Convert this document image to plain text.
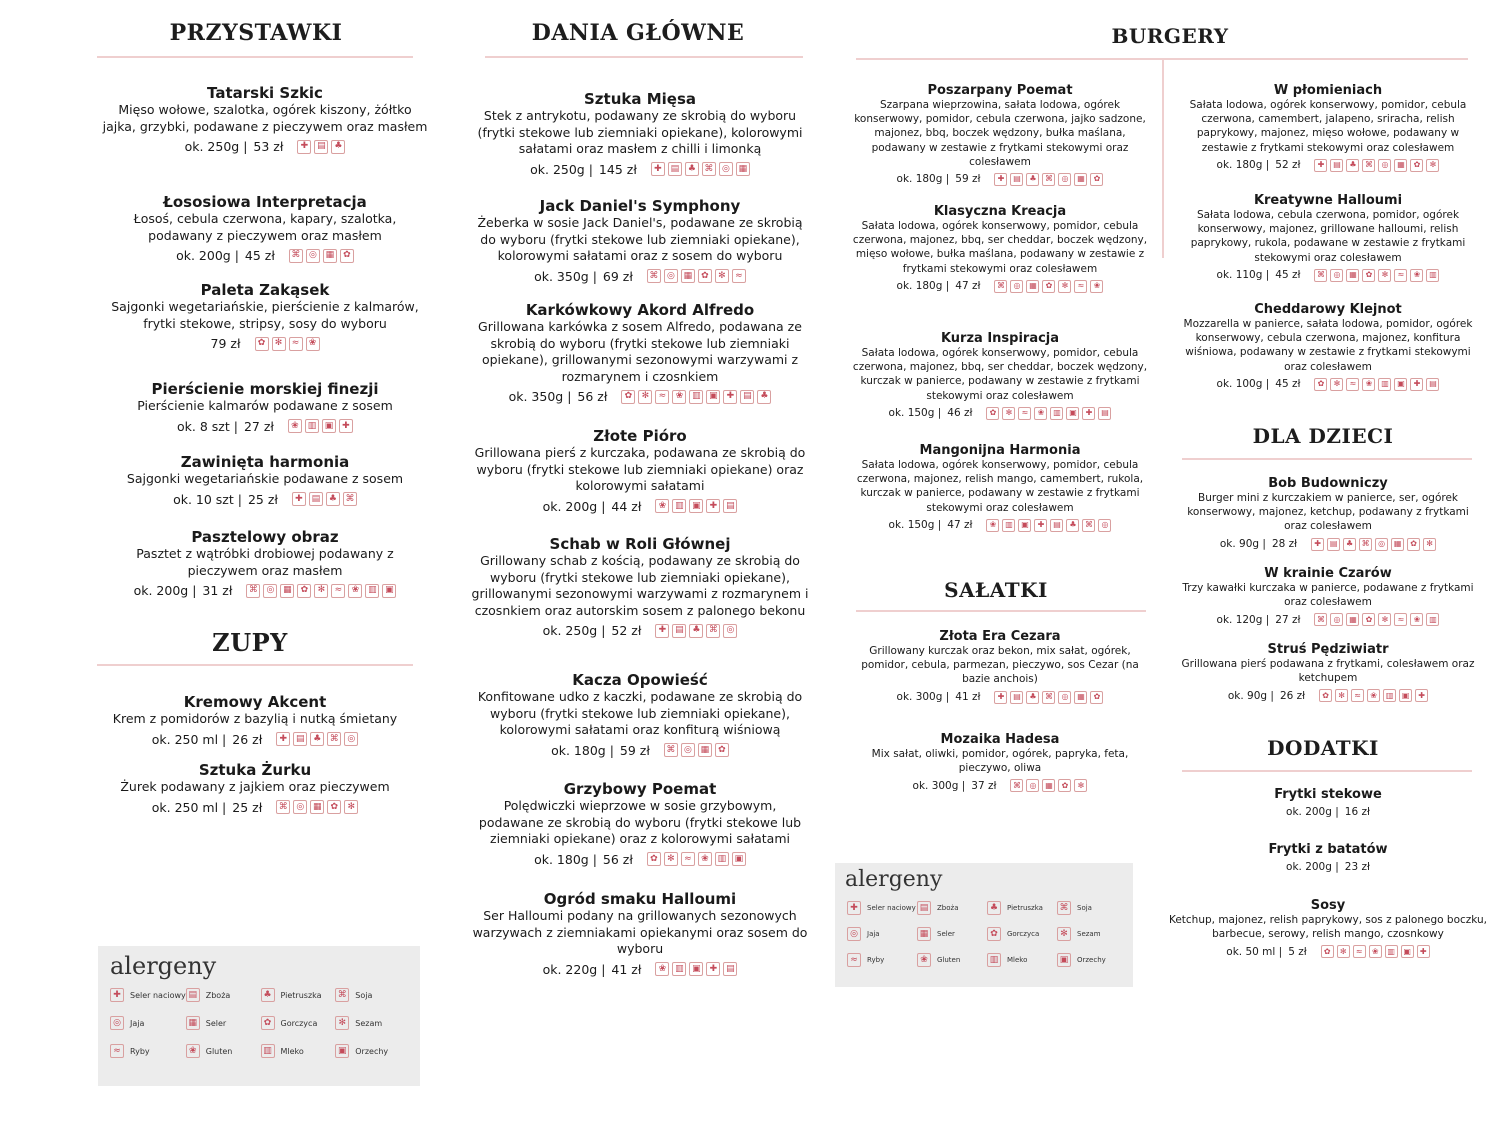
PRZYSTAWKI
Tatarski Szkic
Mięso wołowe, szalotka, ogórek kiszony, żółtko jajka, grzybki, podawane z pieczywem oraz masłem
ok. 250g | 53 zł	✚ ▤ ♣
Łososiowa Interpretacja
Łosoś, cebula czerwona, kapary, szalotka, podawany z pieczywem oraz masłem
ok. 200g | 45 zł ⌘ ◎ ▦ ✿
Paleta Zakąsek
Sajgonki wegetariańskie, pierścienie z kalmarów, frytki stekowe, stripsy, sosy do wyboru
79 zł	✿	✻	≈	❀
Pierścienie morskiej finezji
Pierścienie kalmarów podawane z sosem
ok. 8 szt | 27 zł	❀ ▥ ▣ ✚
Zawinięta harmonia
Sajgonki wegetariańskie podawane z sosem
ok. 10 szt | 25 zł	✚ ▤ ♣ ⌘
Pasztelowy obraz
Pasztet z wątróbki drobiowej podawany z pieczywem oraz masłem
ok. 200g | 31 zł ⌘ ◎ ▦ ✿	✻	≈	❀ ▥ ▣
ZUPY
Kremowy Akcent
Krem z pomidorów z bazylią i nutką śmietany
ok. 250 ml | 26 zł	✚ ▤ ♣ ⌘ ◎
Sztuka Żurku
Żurek podawany z jajkiem oraz pieczywem
ok. 250 ml | 25 zł ⌘ ◎ ▦ ✿	✻
alergeny
✚	Seler naciowy ▤	Zboża	♣	Pietruszka ⌘	Soja
◎	Jaja	▦	Seler	✿	Gorczyca	✻	Sezam
≈	Ryby	❀	Gluten	▥	Mleko	▣	Orzechy
DANIA GŁÓWNE
Sztuka Mięsa
Stek z antrykotu, podawany ze skrobią do wyboru (frytki stekowe lub ziemniaki opiekane), kolorowymi sałatami oraz masłem z chilli i limonką
ok. 250g | 145 zł	✚ ▤ ♣ ⌘ ◎ ▦
Jack Daniel's Symphony
Żeberka w sosie Jack Daniel's, podawane ze skrobią do wyboru (frytki stekowe lub ziemniaki opiekane), kolorowymi sałatami oraz z sosem do wyboru
ok. 350g | 69 zł ⌘ ◎ ▦ ✿	✻	≈
Karkówkowy Akord Alfredo
Grillowana karkówka z sosem Alfredo, podawana ze skrobią do wyboru (frytki stekowe lub ziemniaki opiekane), grillowanymi sezonowymi warzywami z rozmarynem i czosnkiem
ok. 350g | 56 zł	✿	✻	≈	❀ ▥ ▣ ✚ ▤ ♣
Złote Pióro
Grillowana pierś z kurczaka, podawana ze skrobią do wyboru (frytki stekowe lub ziemniaki opiekane) oraz kolorowymi sałatami
ok. 200g | 44 zł	❀ ▥ ▣ ✚ ▤
Schab w Roli Głównej
Grillowany schab z kością, podawany ze skrobią do wyboru (frytki stekowe lub ziemniaki opiekane), grillowanymi sezonowymi warzywami z rozmarynem i czosnkiem oraz autorskim sosem z palonego bekonu
ok. 250g | 52 zł	✚ ▤ ♣ ⌘ ◎
Kacza Opowieść
Konfitowane udko z kaczki, podawane ze skrobią do wyboru (frytki stekowe lub ziemniaki opiekane), kolorowymi sałatami oraz konfiturą wiśniową
ok. 180g | 59 zł ⌘ ◎ ▦ ✿
Grzybowy Poemat
Polędwiczki wieprzowe w sosie grzybowym, podawane ze skrobią do wyboru (frytki stekowe lub ziemniaki opiekane) oraz z kolorowymi sałatami
ok. 180g | 56 zł	✿	✻	≈	❀ ▥ ▣
Ogród smaku Halloumi
Ser Halloumi podany na grillowanych sezonowych warzywach z ziemniakami opiekanymi oraz sosem do wyboru
ok. 220g | 41 zł	❀ ▥ ▣ ✚ ▤
BURGERY
Poszarpany Poemat
Szarpana wieprzowina, sałata lodowa, ogórek konserwowy, pomidor, cebula czerwona, jajko sadzone, majonez, bbq, boczek wędzony, bułka maślana, podawany w zestawie z frytkami stekowymi oraz colesławem
ok. 180g | 59 zł	✚	▤	♣	⌘	◎	▦	✿
Klasyczna Kreacja
Sałata lodowa, ogórek konserwowy, pomidor, cebula czerwona, majonez, bbq, ser cheddar, boczek wędzony, mięso wołowe, bułka maślana, podawany w zestawie z frytkami stekowymi oraz colesławem
ok. 180g | 47 zł	⌘	◎	▦	✿	✻	≈	❀
Kurza Inspiracja
Sałata lodowa, ogórek konserwowy, pomidor, cebula czerwona, majonez, bbq, ser cheddar, boczek wędzony, kurczak w panierce, podawany w zestawie z frytkami stekowymi oraz colesławem
ok. 150g | 46 zł	✿	✻	≈	❀	▥	▣	✚	▤
Mangonijna Harmonia
Sałata lodowa, ogórek konserwowy, pomidor, cebula czerwona, majonez, relish mango, camembert, rukola, kurczak w panierce, podawany w zestawie z frytkami stekowymi oraz colesławem
ok. 150g | 47 zł	❀	▥	▣	✚	▤	♣	⌘	◎
SAŁATKI
Złota Era Cezara
Grillowany kurczak oraz bekon, mix sałat, ogórek, pomidor, cebula, parmezan, pieczywo, sos Cezar (na bazie anchois)
ok. 300g | 41 zł	✚	▤	♣	⌘	◎	▦	✿
Mozaika Hadesa
Mix sałat, oliwki, pomidor, ogórek, papryka, feta, pieczywo, oliwa
ok. 300g | 37 zł	⌘	◎	▦	✿	✻
alergeny
✚	Seler naciowy ▤	Zboża	♣	Pietruszka ⌘	Soja
◎	Jaja	▦	Seler	✿	Gorczyca	✻	Sezam
≈	Ryby	❀	Gluten	▥	Mleko	▣	Orzechy
W płomieniach
Sałata lodowa, ogórek konserwowy, pomidor, cebula czerwona, camembert, jalapeno, sriracha, relish paprykowy, majonez, mięso wołowe, podawany w zestawie z frytkami stekowymi oraz colesławem
ok. 180g | 52 zł	✚	▤	♣	⌘	◎	▦	✿	✻
Kreatywne Halloumi
Sałata lodowa, cebula czerwona, pomidor, ogórek konserwowy, majonez, grillowane halloumi, relish paprykowy, rukola, podawane w zestawie z frytkami stekowymi oraz colesławem
ok. 110g | 45 zł	⌘	◎	▦	✿	✻	≈	❀	▥
Cheddarowy Klejnot
Mozzarella w panierce, sałata lodowa, pomidor, ogórek konserwowy, cebula czerwona, majonez, konfitura wiśniowa, podawany w zestawie z frytkami stekowymi oraz colesławem
ok. 100g | 45 zł	✿	✻	≈	❀	▥	▣	✚	▤
DLA DZIECI
Bob Budowniczy
Burger mini z kurczakiem w panierce, ser, ogórek konserwowy, majonez, ketchup, podawany z frytkami oraz colesławem
ok. 90g | 28 zł	✚	▤	♣	⌘	◎	▦	✿	✻
W krainie Czarów
Trzy kawałki kurczaka w panierce, podawane z frytkami oraz colesławem
ok. 120g | 27 zł	⌘	◎	▦	✿	✻	≈	❀	▥
Struś Pędziwiatr
Grillowana pierś podawana z frytkami, colesławem oraz ketchupem
ok. 90g | 26 zł	✿	✻	≈	❀	▥	▣	✚
DODATKI
Frytki stekowe
ok. 200g | 16 zł
Frytki z batatów
ok. 200g | 23 zł
Sosy
Ketchup, majonez, relish paprykowy, sos z palonego boczku, barbecue, serowy, relish mango, czosnkowy
ok. 50 ml | 5 zł	✿	✻	≈	❀	▥	▣	✚
